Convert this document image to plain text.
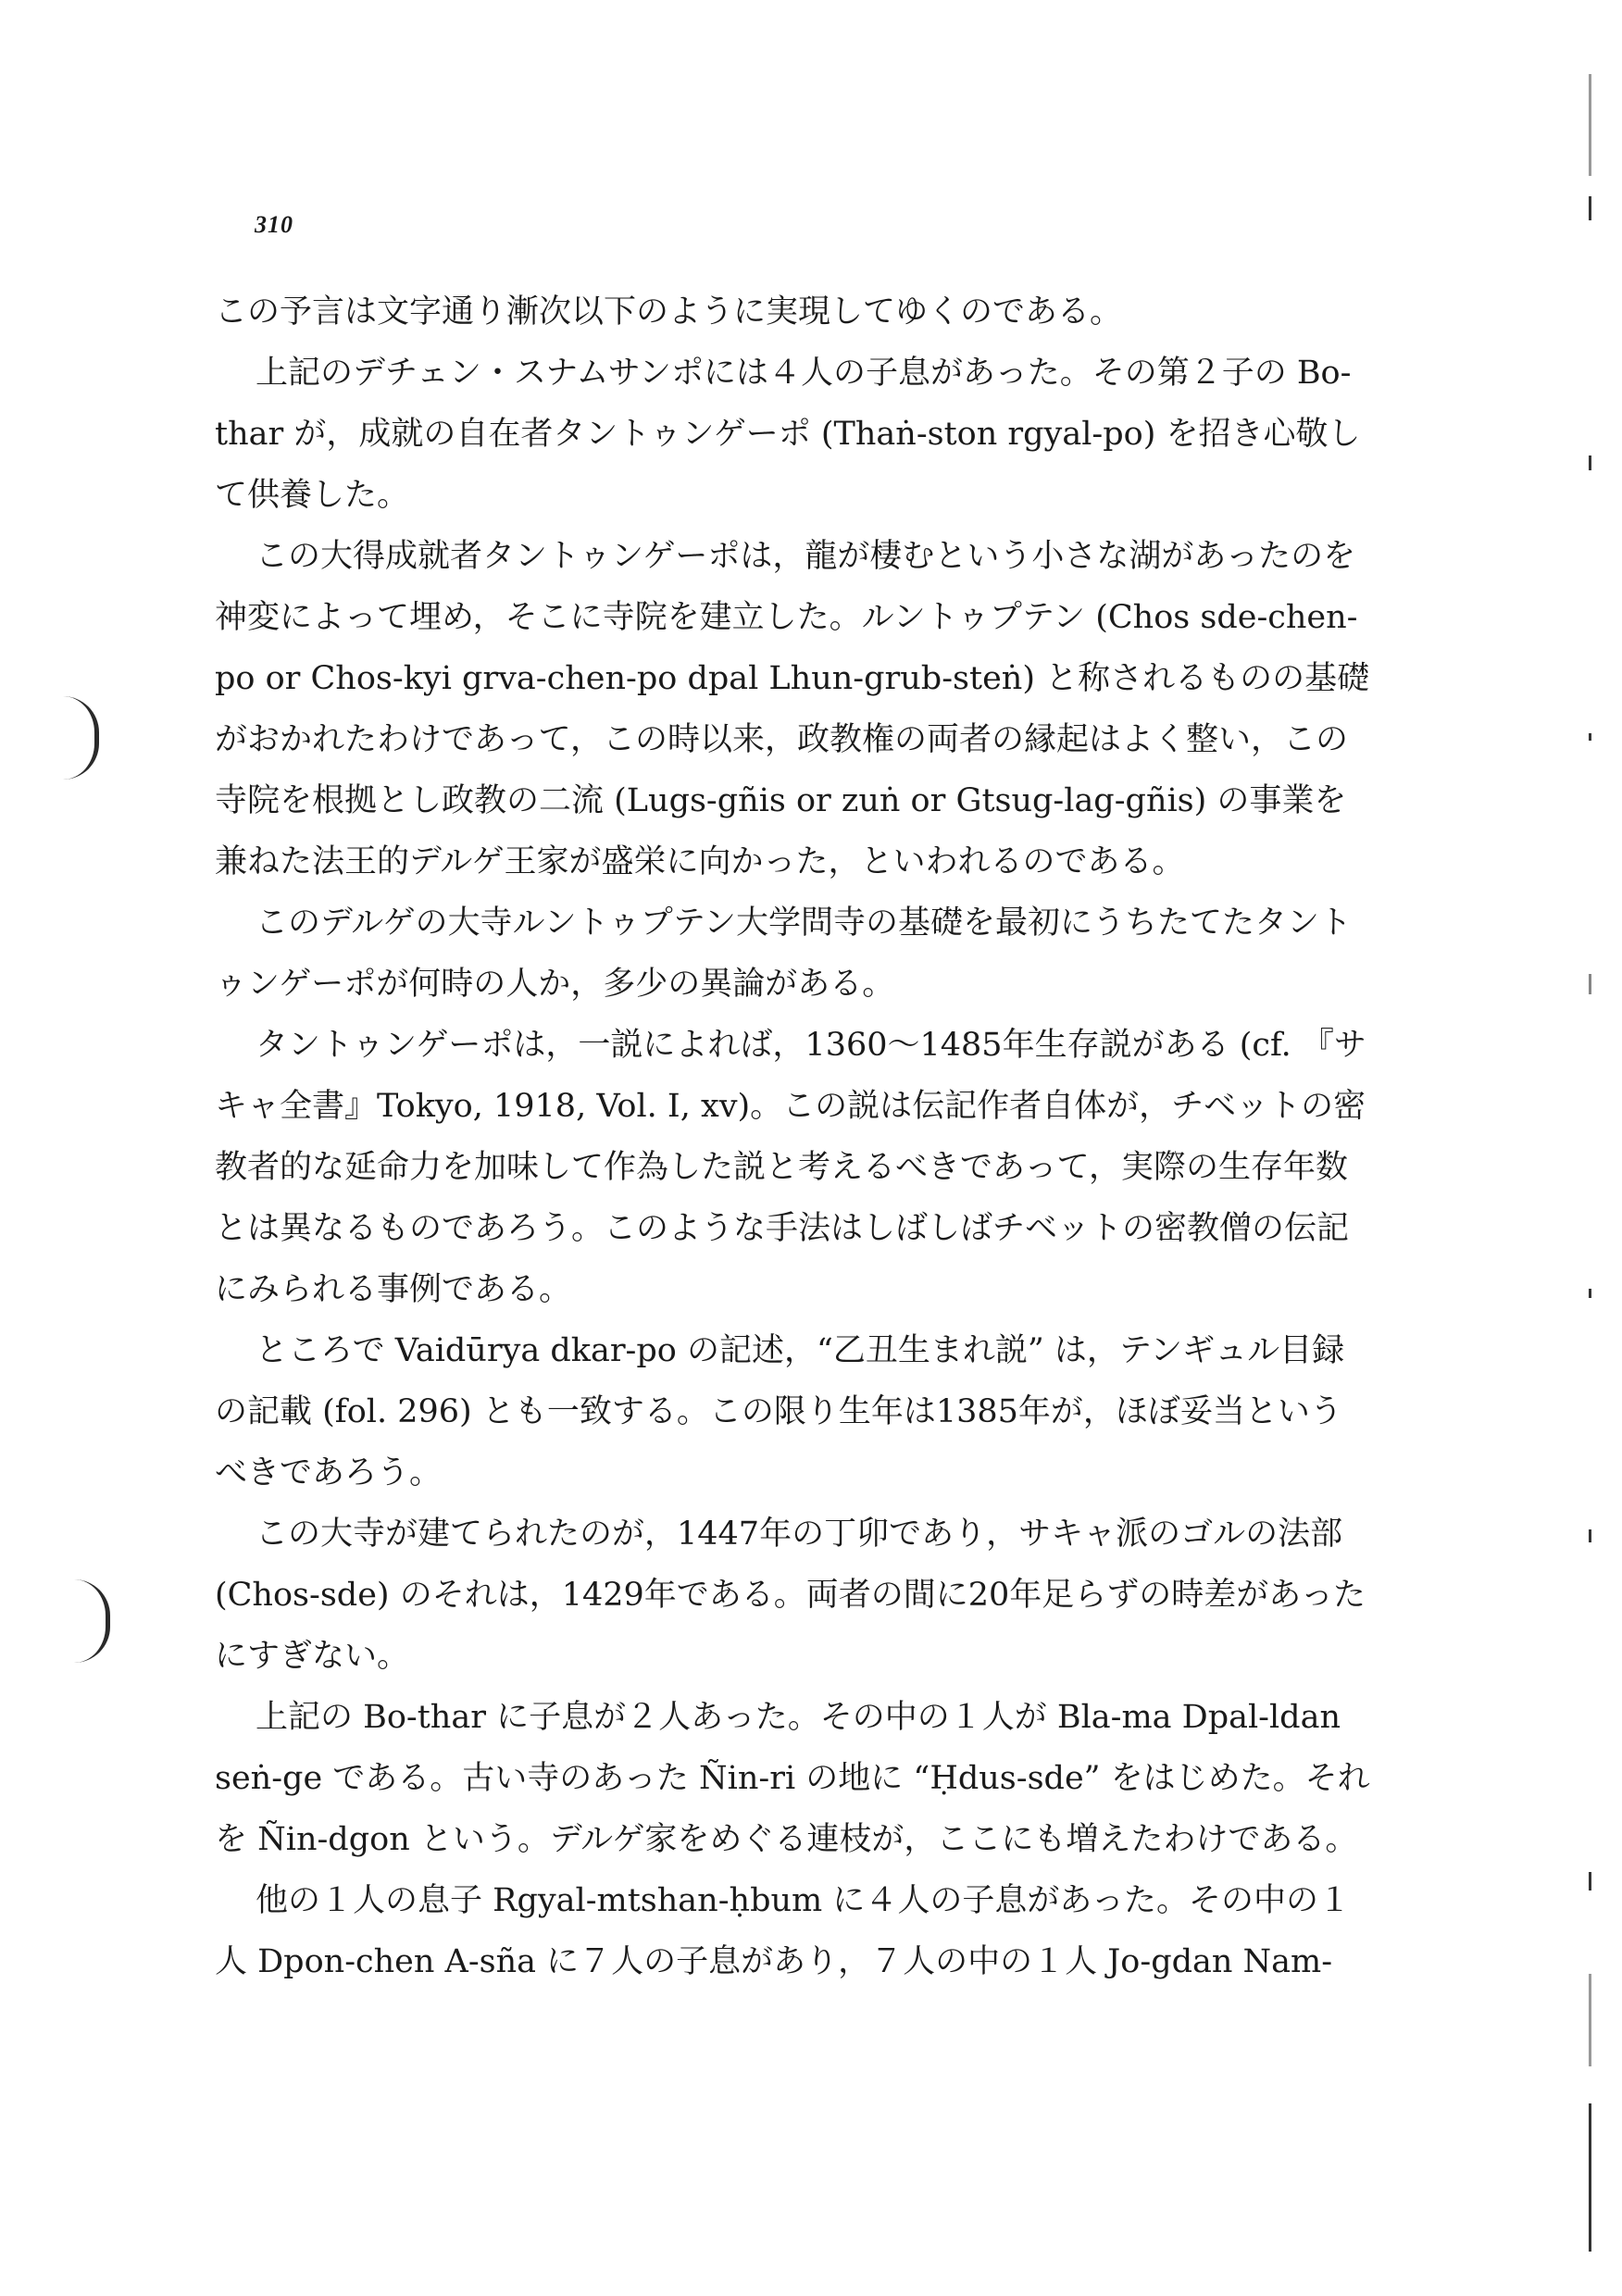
310

この予言は文字通り漸次以下のように実現してゆくのである。

上記のデチェン・スナムサンポには４人の子息があった。その第２子の Bo-thar が，成就の自在者タントゥンゲーポ (Thaṅ-ston rgyal-po) を招き心敬して供養した。

この大得成就者タントゥンゲーポは，龍が棲むという小さな湖があったのを神変によって埋め，そこに寺院を建立した。ルントゥプテン (Chos sde-chen-po or Chos-kyi grva-chen-po dpal Lhun-grub-steṅ) と称されるものの基礎がおかれたわけであって，この時以来，政教権の両者の縁起はよく整い，この寺院を根拠とし政教の二流 (Lugs-gñis or zuṅ or Gtsug-lag-gñis) の事業を兼ねた法王的デルゲ王家が盛栄に向かった，といわれるのである。

このデルゲの大寺ルントゥプテン大学問寺の基礎を最初にうちたてたタントゥンゲーポが何時の人か，多少の異論がある。

タントゥンゲーポは，一説によれば，1360〜1485年生存説がある (cf. 『サキャ全書』Tokyo, 1918, Vol. I, xv)。この説は伝記作者自体が，チベットの密教者的な延命力を加味して作為した説と考えるべきであって，実際の生存年数とは異なるものであろう。このような手法はしばしばチベットの密教僧の伝記にみられる事例である。

ところで Vaidūrya dkar-po の記述，“乙丑生まれ説” は，テンギュル目録の記載 (fol. 296) とも一致する。この限り生年は1385年が，ほぼ妥当というべきであろう。

この大寺が建てられたのが，1447年の丁卯であり，サキャ派のゴルの法部 (Chos-sde) のそれは，1429年である。両者の間に20年足らずの時差があったにすぎない。

上記の Bo-thar に子息が２人あった。その中の１人が Bla-ma Dpal-ldan seṅ-ge である。古い寺のあった Ñin-ri の地に “Ḥdus-sde” をはじめた。それを Ñin-dgon という。デルゲ家をめぐる連枝が，ここにも増えたわけである。

他の１人の息子 Rgyal-mtshan-ḥbum に４人の子息があった。その中の１人 Dpon-chen A-sña に７人の子息があり，７人の中の１人 Jo-gdan Nam-
